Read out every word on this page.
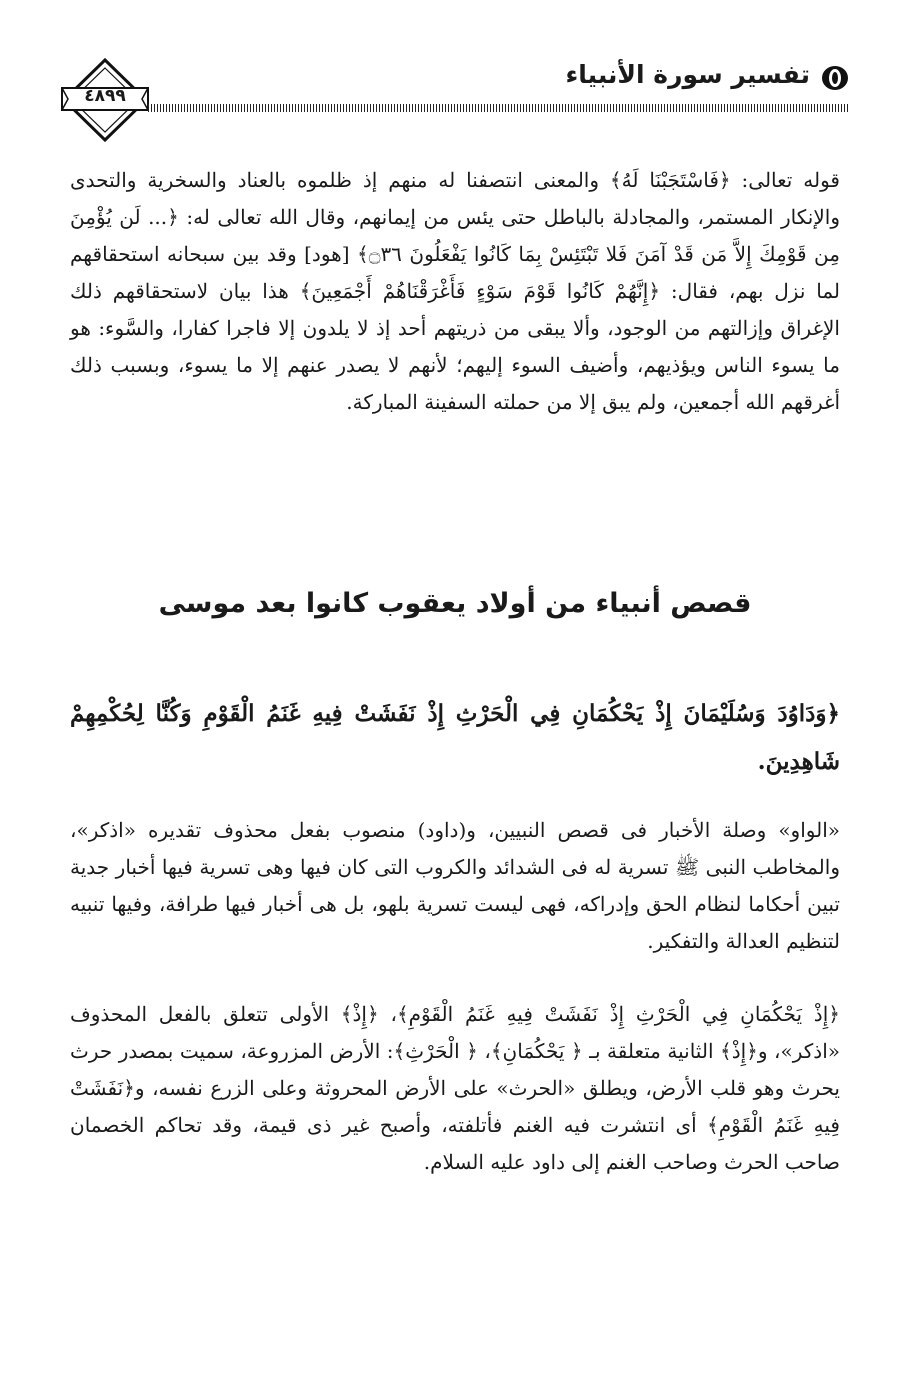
٤٨٩٩
تفسير سورة الأنبياء
قوله تعالى: ﴿فَاسْتَجَبْنَا لَهُ﴾ والمعنى انتصفنا له منهم إذ ظلموه بالعناد والسخرية والتحدى والإنكار المستمر، والمجادلة بالباطل حتى يئس من إيمانهم، وقال الله تعالى له: ﴿... لَن يُؤْمِنَ مِن قَوْمِكَ إِلاَّ مَن قَدْ آمَنَ فَلا تَبْتَئِسْ بِمَا كَانُوا يَفْعَلُونَ ۝٣٦﴾ [هود] وقد بين سبحانه استحقاقهم لما نزل بهم، فقال: ﴿إِنَّهُمْ كَانُوا قَوْمَ سَوْءٍ فَأَغْرَقْنَاهُمْ أَجْمَعِينَ﴾ هذا بيان لاستحقاقهم ذلك الإغراق وإزالتهم من الوجود، وألا يبقى من ذريتهم أحد إذ لا يلدون إلا فاجرا كفارا، والسَّوء: هو ما يسوء الناس ويؤذيهم، وأضيف السوء إليهم؛ لأنهم لا يصدر عنهم إلا ما يسوء، وبسبب ذلك أغرقهم الله أجمعين، ولم يبق إلا من حملته السفينة المباركة.
قصص أنبياء من أولاد يعقوب كانوا بعد موسى
﴿وَدَاوُدَ وَسُلَيْمَانَ إِذْ يَحْكُمَانِ فِي الْحَرْثِ إِذْ نَفَشَتْ فِيهِ غَنَمُ الْقَوْمِ وَكُنَّا لِحُكْمِهِمْ شَاهِدِينَ.
«الواو» وصلة الأخبار فى قصص النبيين، و(داود) منصوب بفعل محذوف تقديره «اذكر»، والمخاطب النبى ﷺ تسرية له فى الشدائد والكروب التى كان فيها وهى تسرية فيها أخبار جدية تبين أحكاما لنظام الحق وإدراكه، فهى ليست تسرية بلهو، بل هى أخبار فيها طرافة، وفيها تنبيه لتنظيم العدالة والتفكير.
﴿إِذْ يَحْكُمَانِ فِي الْحَرْثِ إِذْ نَفَشَتْ فِيهِ غَنَمُ الْقَوْمِ﴾، ﴿إِذْ﴾ الأولى تتعلق بالفعل المحذوف «اذكر»، و﴿إِذْ﴾ الثانية متعلقة بـ ﴿ يَحْكُمَانِ﴾، ﴿ الْحَرْثِ﴾: الأرض المزروعة، سميت بمصدر حرث يحرث وهو قلب الأرض، ويطلق «الحرث» على الأرض المحروثة وعلى الزرع نفسه، و﴿نَفَشَتْ فِيهِ غَنَمُ الْقَوْمِ﴾ أى انتشرت فيه الغنم فأتلفته، وأصبح غير ذى قيمة، وقد تحاكم الخصمان صاحب الحرث وصاحب الغنم إلى داود عليه السلام.
